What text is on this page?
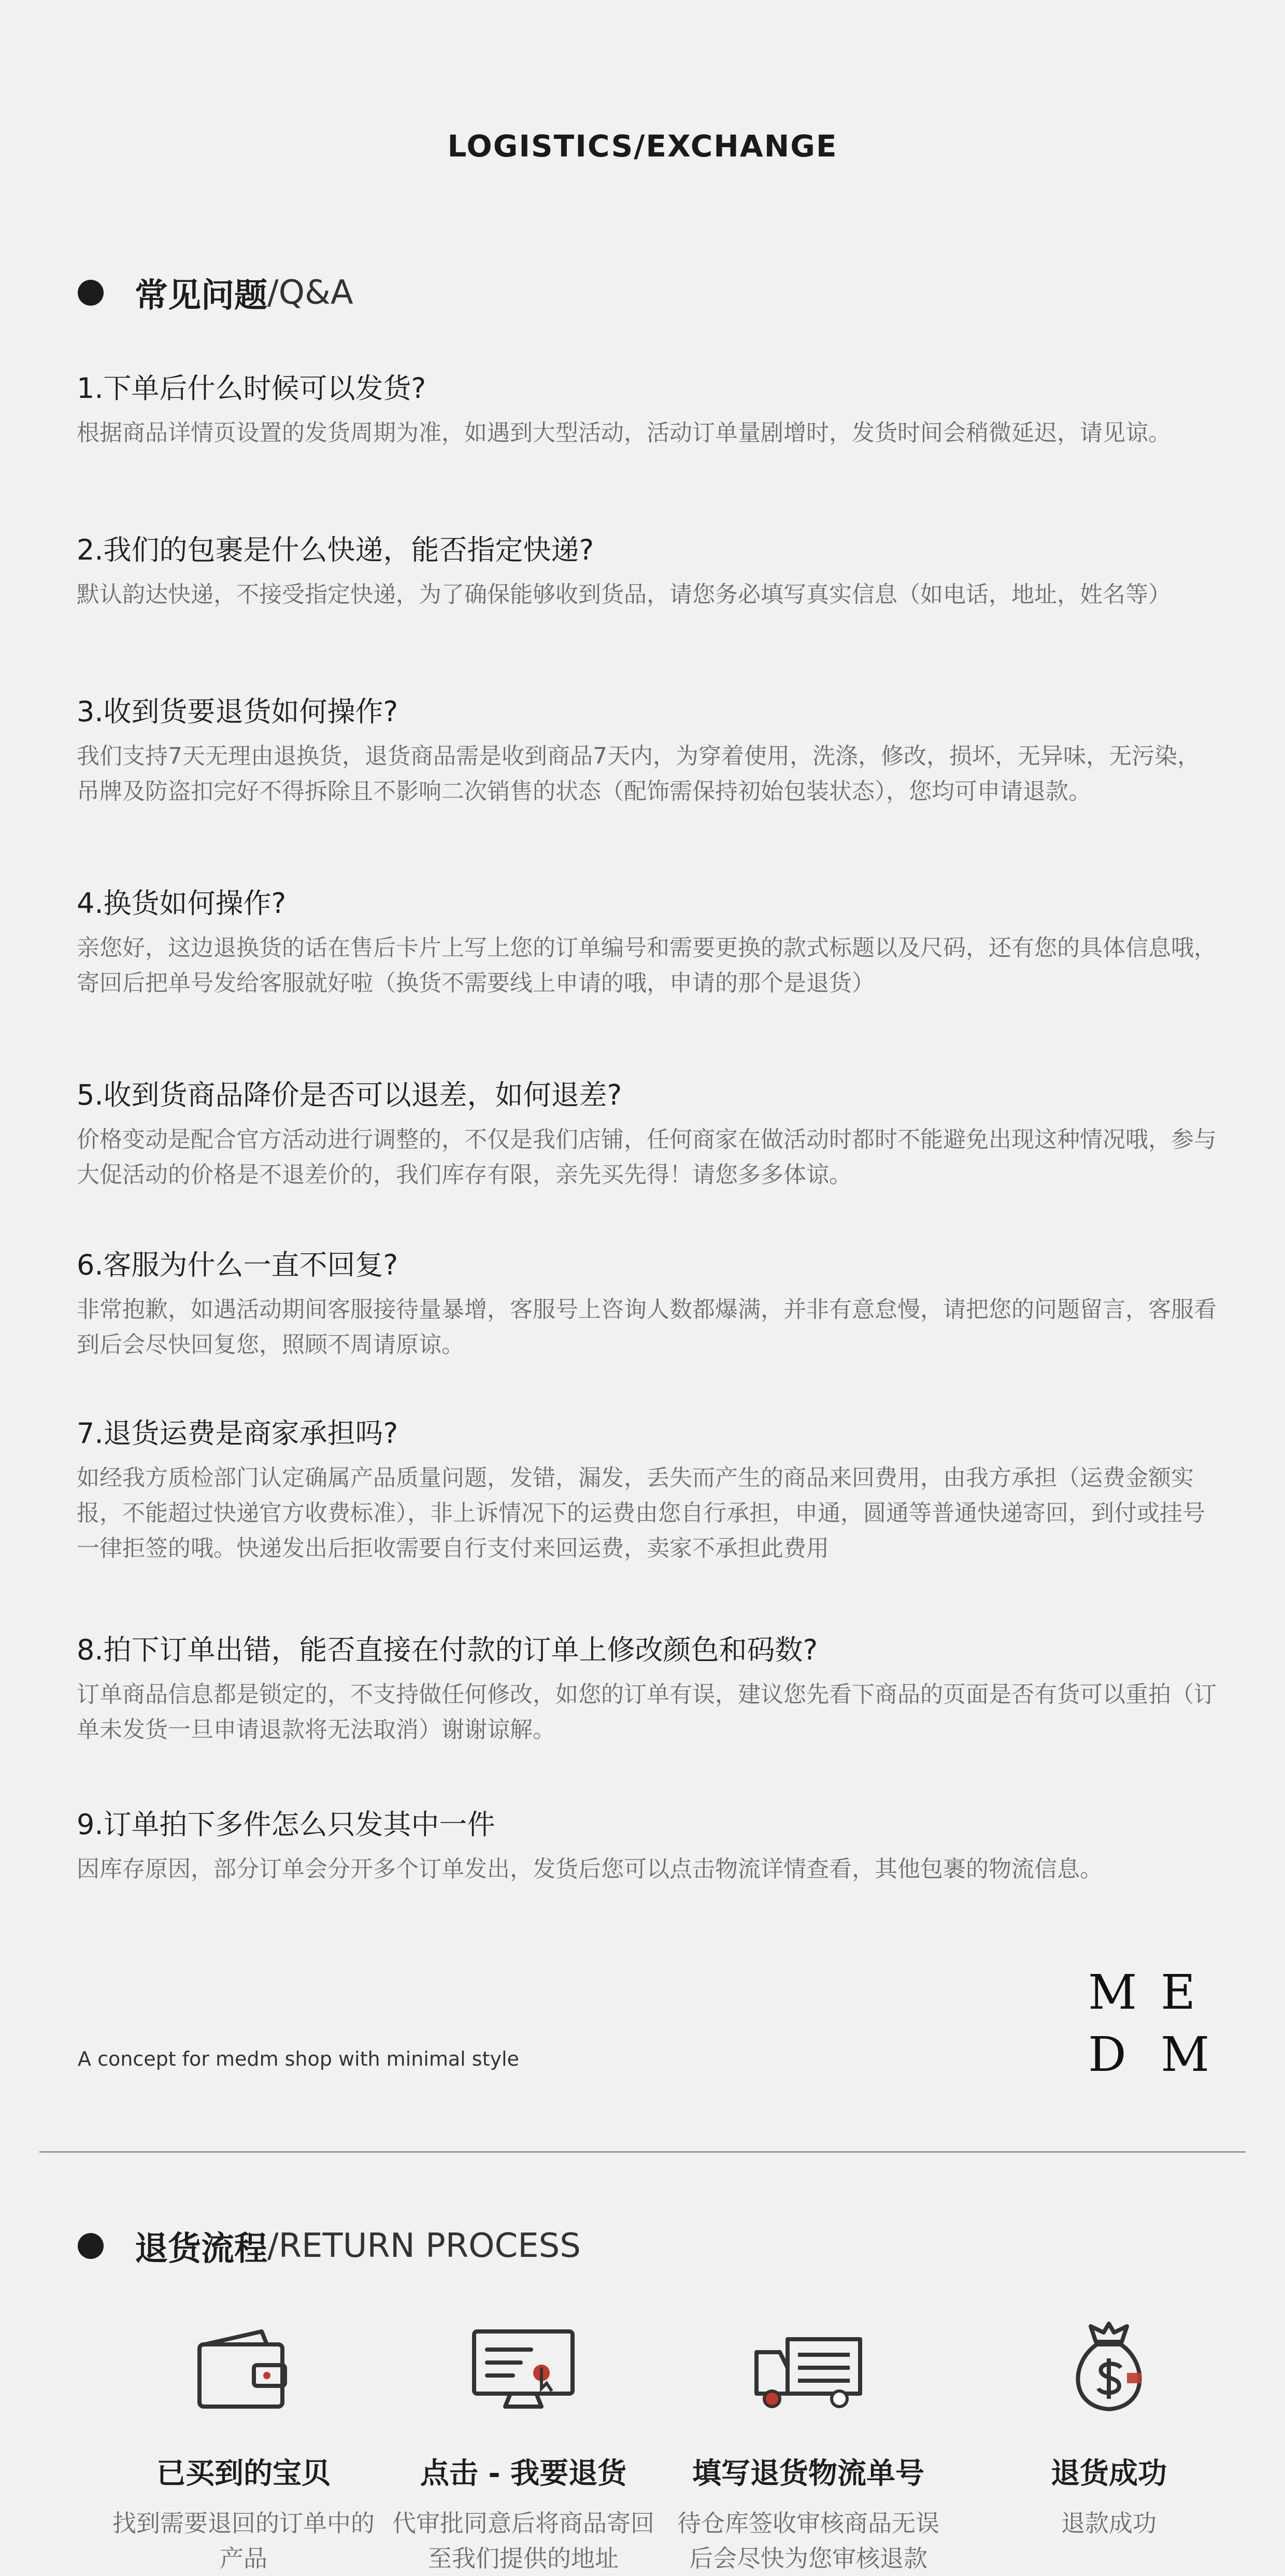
LOGISTICS/EXCHANGE
常见问题 /Q&A
1.下单后什么时候可以发货?
根据商品详情页设置的发货周期为准，如遇到大型活动，活动订单量剧增时，发货时间会稍微延迟，请见谅。
2.我们的包裹是什么快递，能否指定快递?
默认韵达快递，不接受指定快递，为了确保能够收到货品，请您务必填写真实信息（如电话，地址，姓名等）
3.收到货要退货如何操作?
我们支持7天无理由退换货，退货商品需是收到商品7天内，为穿着使用，洗涤，修改，损坏，无异味，无污染，吊牌及防盗扣完好不得拆除且不影响二次销售的状态（配饰需保持初始包装状态），您均可申请退款。
4.换货如何操作?
亲您好，这边退换货的话在售后卡片上写上您的订单编号和需要更换的款式标题以及尺码，还有您的具体信息哦，寄回后把单号发给客服就好啦（换货不需要线上申请的哦，申请的那个是退货）
5.收到货商品降价是否可以退差，如何退差?
价格变动是配合官方活动进行调整的，不仅是我们店铺，任何商家在做活动时都时不能避免出现这种情况哦，参与大促活动的价格是不退差价的，我们库存有限，亲先买先得！请您多多体谅。
6.客服为什么一直不回复?
非常抱歉，如遇活动期间客服接待量暴增，客服号上咨询人数都爆满，并非有意怠慢，请把您的问题留言，客服看到后会尽快回复您，照顾不周请原谅。
7.退货运费是商家承担吗?
如经我方质检部门认定确属产品质量问题，发错，漏发，丢失而产生的商品来回费用，由我方承担（运费金额实报，不能超过快递官方收费标准），非上诉情况下的运费由您自行承担，申通，圆通等普通快递寄回，到付或挂号一律拒签的哦。快递发出后拒收需要自行支付来回运费，卖家不承担此费用
8.拍下订单出错，能否直接在付款的订单上修改颜色和码数?
订单商品信息都是锁定的，不支持做任何修改，如您的订单有误，建议您先看下商品的页面是否有货可以重拍（订单未发货一旦申请退款将无法取消）谢谢谅解。
9.订单拍下多件怎么只发其中一件
因库存原因，部分订单会分开多个订单发出，发货后您可以点击物流详情查看，其他包裹的物流信息。
A concept for medm shop with minimal style
M E
D M
退货流程 /RETURN PROCESS
已买到的宝贝
找到需要退回的订单中的产品
点击 - 我要退货
代审批同意后将商品寄回至我们提供的地址
填写退货物流单号
待仓库签收审核商品无误后会尽快为您审核退款
退货成功
退款成功
